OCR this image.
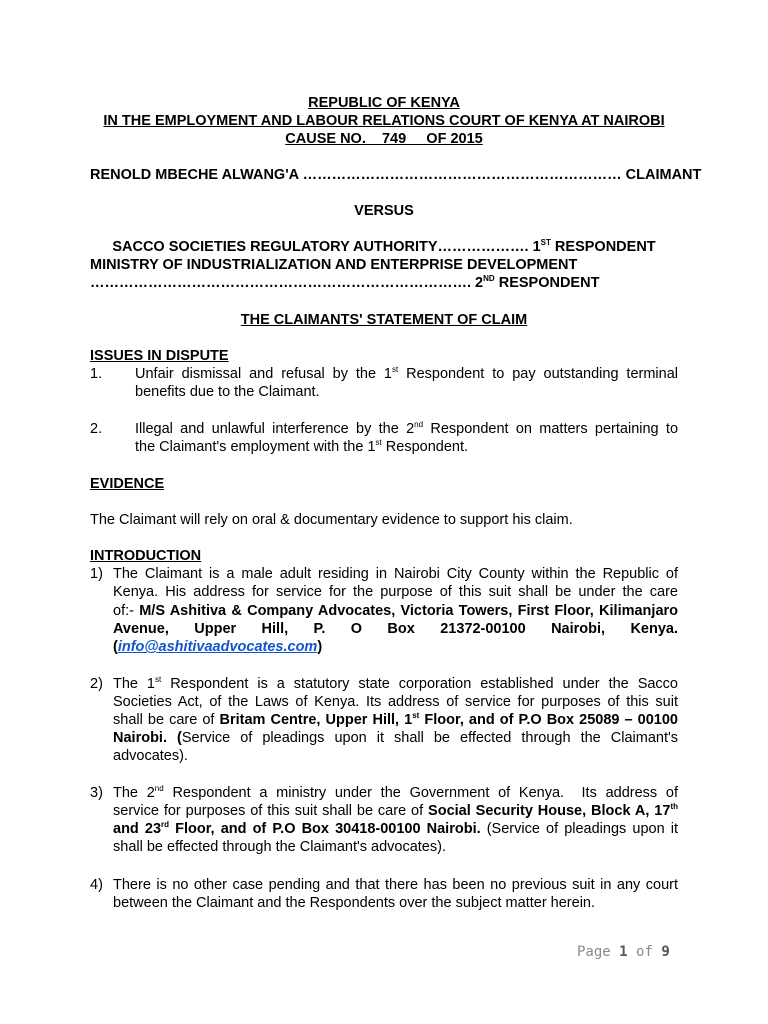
REPUBLIC OF KENYA
IN THE EMPLOYMENT AND LABOUR RELATIONS COURT OF KENYA AT NAIROBI
CAUSE NO.    749     OF 2015
RENOLD MBECHE ALWANG'A ………………………………………………………… CLAIMANT
VERSUS
SACCO SOCIETIES REGULATORY AUTHORITY………………. 1ST RESPONDENT
MINISTRY OF INDUSTRIALIZATION AND ENTERPRISE DEVELOPMENT
……………………………………………………………………. 2ND RESPONDENT
THE CLAIMANTS' STATEMENT OF CLAIM
ISSUES IN DISPUTE
1. Unfair dismissal and refusal by the 1st Respondent to pay outstanding terminal
benefits due to the Claimant.
2. Illegal and unlawful interference by the 2nd Respondent on matters pertaining to
the Claimant's employment with the 1st Respondent.
EVIDENCE
The Claimant will rely on oral & documentary evidence to support his claim.
INTRODUCTION
1) The Claimant is a male adult residing in Nairobi City County within the Republic of
Kenya. His address for service for the purpose of this suit shall be under the care
of:- M/S Ashitiva & Company Advocates, Victoria Towers, First Floor, Kilimanjaro
Avenue, Upper Hill, P. O Box 21372-00100 Nairobi, Kenya.
(info@ashitivaadvocates.com)
2) The 1st Respondent is a statutory state corporation established under the Sacco
Societies Act, of the Laws of Kenya. Its address of service for purposes of this suit
shall be care of Britam Centre, Upper Hill, 1st Floor, and of P.O Box 25089 – 00100
Nairobi. (Service of pleadings upon it shall be effected through the Claimant's
advocates).
3) The 2nd Respondent a ministry under the Government of Kenya.  Its address of
service for purposes of this suit shall be care of Social Security House, Block A, 17th
and 23rd Floor, and of P.O Box 30418-00100 Nairobi. (Service of pleadings upon it
shall be effected through the Claimant's advocates).
4) There is no other case pending and that there has been no previous suit in any court
between the Claimant and the Respondents over the subject matter herein.
Page 1 of 9
